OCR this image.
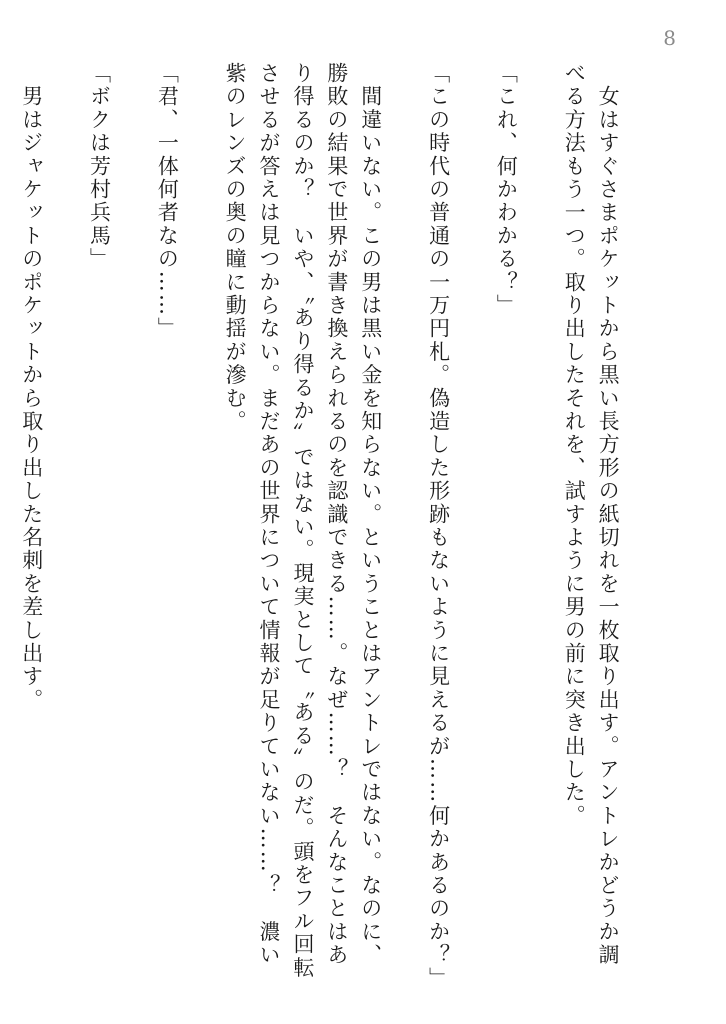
8

　女はすぐさまポケットから黒い長方形の紙切れを一枚取り出す。アントレかどうか調べる方法もう一つ。取り出したそれを、試すように男の前に突き出した。

「これ、何かわかる？」

「この時代の普通の一万円札。偽造した形跡もないように見えるが……何かあるのか？」

　間違いない。この男は黒い金を知らない。ということはアントレではない。なのに、勝敗の結果で世界が書き換えられるのを認識できる……。なぜ……？　そんなことはあり得るのか？　いや、〝あり得るか〟ではない。現実として〝ある〟のだ。頭をフル回転させるが答えは見つからない。まだあの世界について情報が足りていない……？　濃い紫のレンズの奥の瞳に動揺が滲む。

「君、一体何者なの……」

「ボクは芳村兵馬」

　男はジャケットのポケットから取り出した名刺を差し出す。
